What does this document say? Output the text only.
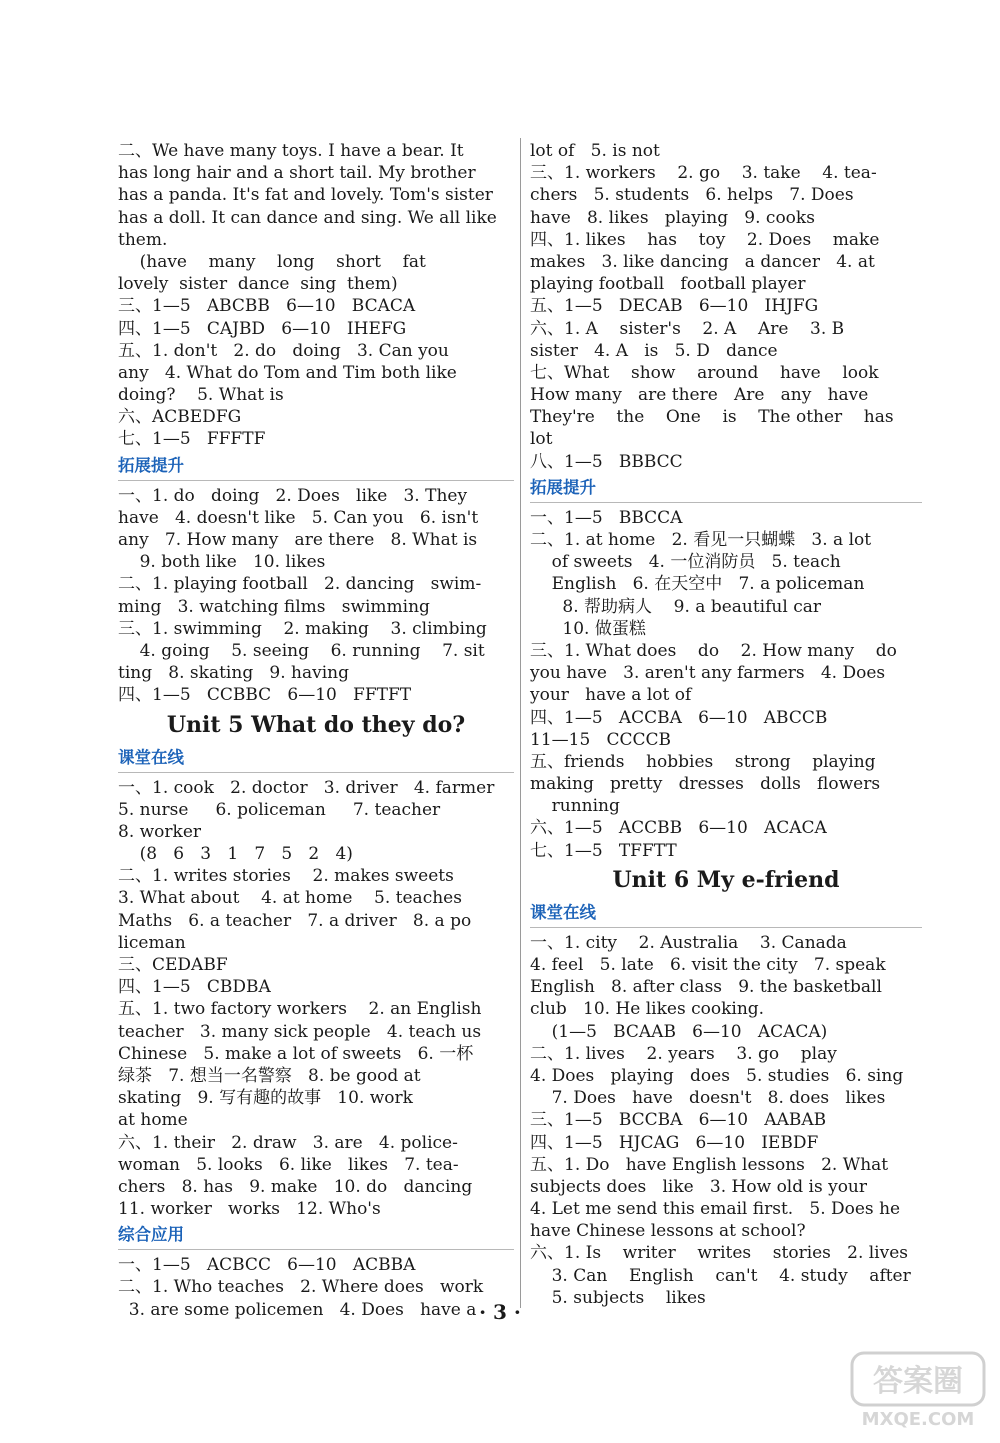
二、We have many toys. I have a bear. It
has long hair and a short tail. My brother
has a panda. It's fat and lovely. Tom's sister
has a doll. It can dance and sing. We all like
them.
(have    many    long    short    fat
lovely  sister  dance  sing  them)
三、1—5   ABCBB   6—10   BCACA
四、1—5   CAJBD   6—10   IHEFG
五、1. don't   2. do   doing   3. Can you
any   4. What do Tom and Tim both like
doing?    5. What is
六、ACBEDFG
七、1—5   FFFTF
拓展提升
一、1. do   doing   2. Does   like   3. They
have   4. doesn't like   5. Can you   6. isn't
any   7. How many   are there   8. What is
9. both like   10. likes
二、1. playing football   2. dancing   swim-
ming   3. watching films   swimming
三、1. swimming    2. making    3. climbing
4. going    5. seeing    6. running    7. sit
ting   8. skating   9. having
四、1—5   CCBBC   6—10   FFTFT
Unit 5 What do they do?
课堂在线
一、1. cook   2. doctor   3. driver   4. farmer
5. nurse     6. policeman     7. teacher
8. worker
(8   6   3   1   7   5   2   4)
二、1. writes stories    2. makes sweets
3. What about    4. at home    5. teaches
Maths   6. a teacher   7. a driver   8. a po
liceman
三、CEDABF
四、1—5   CBDBA
五、1. two factory workers    2. an English
teacher   3. many sick people   4. teach us
Chinese   5. make a lot of sweets   6. 一杯
绿茶   7. 想当一名警察   8. be good at
skating   9. 写有趣的故事   10. work
at home
六、1. their   2. draw   3. are   4. police-
woman   5. looks   6. like   likes   7. tea-
chers   8. has   9. make   10. do   dancing
11. worker   works   12. Who's
综合应用
一、1—5   ACBCC   6—10   ACBBA
二、1. Who teaches   2. Where does   work
3. are some policemen   4. Does   have a
lot of   5. is not
三、1. workers    2. go    3. take    4. tea-
chers   5. students   6. helps   7. Does
have   8. likes   playing   9. cooks
四、1. likes    has    toy    2. Does    make
makes   3. like dancing   a dancer   4. at
playing football   football player
五、1—5   DECAB   6—10   IHJFG
六、1. A    sister's    2. A    Are    3. B
sister   4. A   is   5. D   dance
七、What    show    around    have    look
How many   are there   Are   any   have
They're    the    One    is    The other    has
lot
八、1—5   BBBCC
拓展提升
一、1—5   BBCCA
二、1. at home   2. 看见一只蝴蝶   3. a lot
of sweets   4. 一位消防员   5. teach
English   6. 在天空中   7. a policeman
8. 帮助病人    9. a beautiful car
10. 做蛋糕
三、1. What does    do    2. How many    do
you have   3. aren't any farmers   4. Does
your   have a lot of
四、1—5   ACCBA   6—10   ABCCB
11—15   CCCCB
五、friends    hobbies    strong    playing
making   pretty   dresses   dolls   flowers
running
六、1—5   ACCBB   6—10   ACACA
七、1—5   TFFTT
Unit 6 My e-friend
课堂在线
一、1. city    2. Australia    3. Canada
4. feel   5. late   6. visit the city   7. speak
English   8. after class   9. the basketball
club   10. He likes cooking.
(1—5   BCAAB   6—10   ACACA)
二、1. lives    2. years    3. go    play
4. Does   playing   does   5. studies   6. sing
7. Does   have   doesn't   8. does   likes
三、1—5   BCCBA   6—10   AABAB
四、1—5   HJCAG   6—10   IEBDF
五、1. Do   have English lessons   2. What
subjects does   like   3. How old is your
4. Let me send this email first.   5. Does he
have Chinese lessons at school?
六、1. Is    writer    writes    stories   2. lives
3. Can    English    can't    4. study    after
5. subjects    likes
· 3 ·
答案圈
MXQE.COM
